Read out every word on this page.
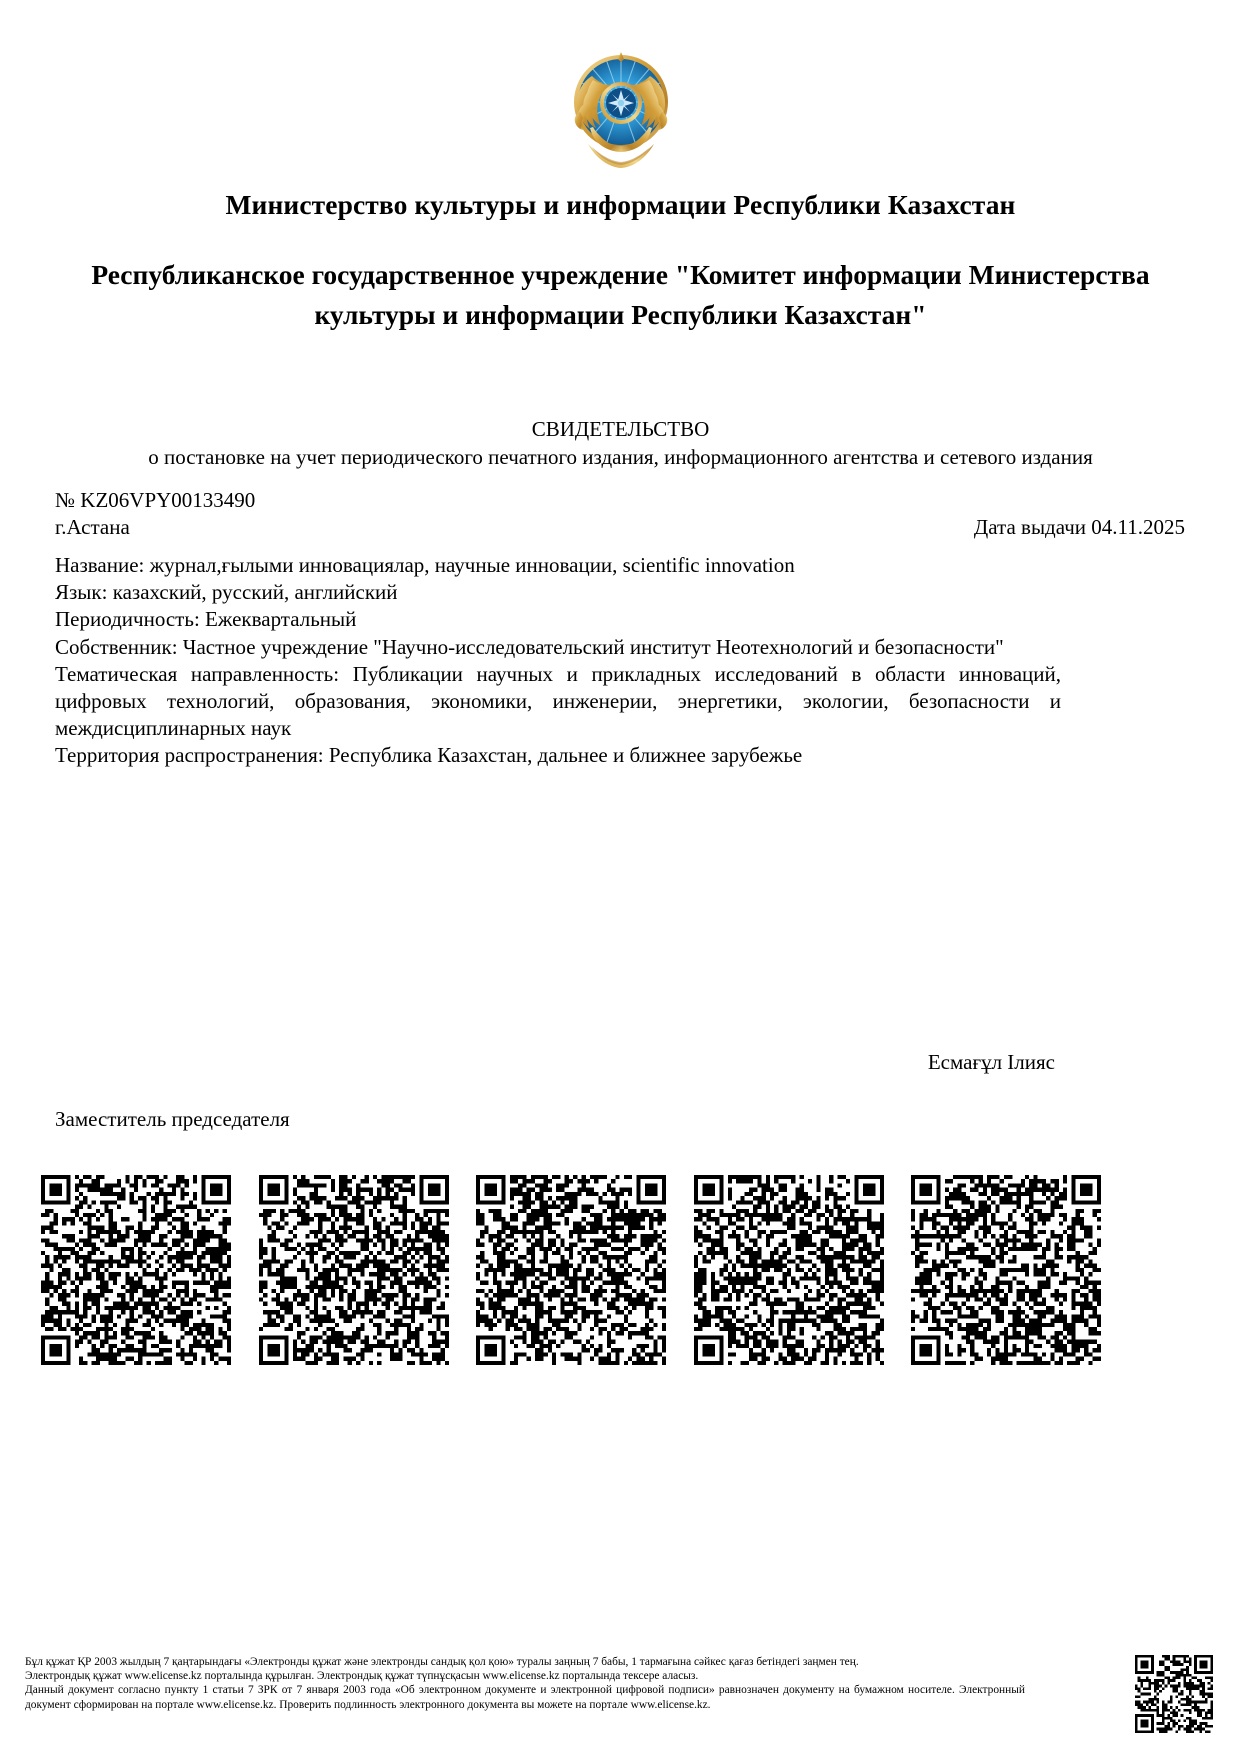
Министерство культуры и информации Республики Казахстан
Республиканское государственное учреждение "Комитет информации Министерства культуры и информации Республики Казахстан"
СВИДЕТЕЛЬСТВО
о постановке на учет периодического печатного издания, информационного агентства и сетевого издания
№ KZ06VPY00133490
г.Астана	Дата выдачи 04.11.2025
Название: журнал,ғылыми инновациялар, научные инновации, scientific innovation
Язык: казахский, русский, английский
Периодичность: Ежеквартальный
Собственник: Частное учреждение "Научно-исследовательский институт Неотехнологий и безопасности"
Тематическая направленность: Публикации научных и прикладных исследований в области инноваций, цифровых технологий, образования, экономики, инженерии, энергетики, экологии, безопасности и междисциплинарных наук
Территория распространения: Республика Казахстан, дальнее и ближнее зарубежье
Есмағұл Ілияс
Заместитель председателя

Бұл құжат ҚР 2003 жылдың 7 қаңтарындағы «Электронды құжат және электронды сандық қол қою» туралы заңның 7 бабы, 1 тармағына сәйкес қағаз бетіндегі заңмен тең.

Электрондық құжат www.elicense.kz порталында құрылған. Электрондық құжат түпнұсқасын www.elicense.kz порталында тексере аласыз.

Данный документ согласно пункту 1 статьи 7 ЗРК от 7 января 2003 года «Об электронном документе и электронной цифровой подписи» равнозначен документу на бумажном носителе. Электронный документ сформирован на портале www.elicense.kz. Проверить подлинность электронного документа вы можете на портале www.elicense.kz.
